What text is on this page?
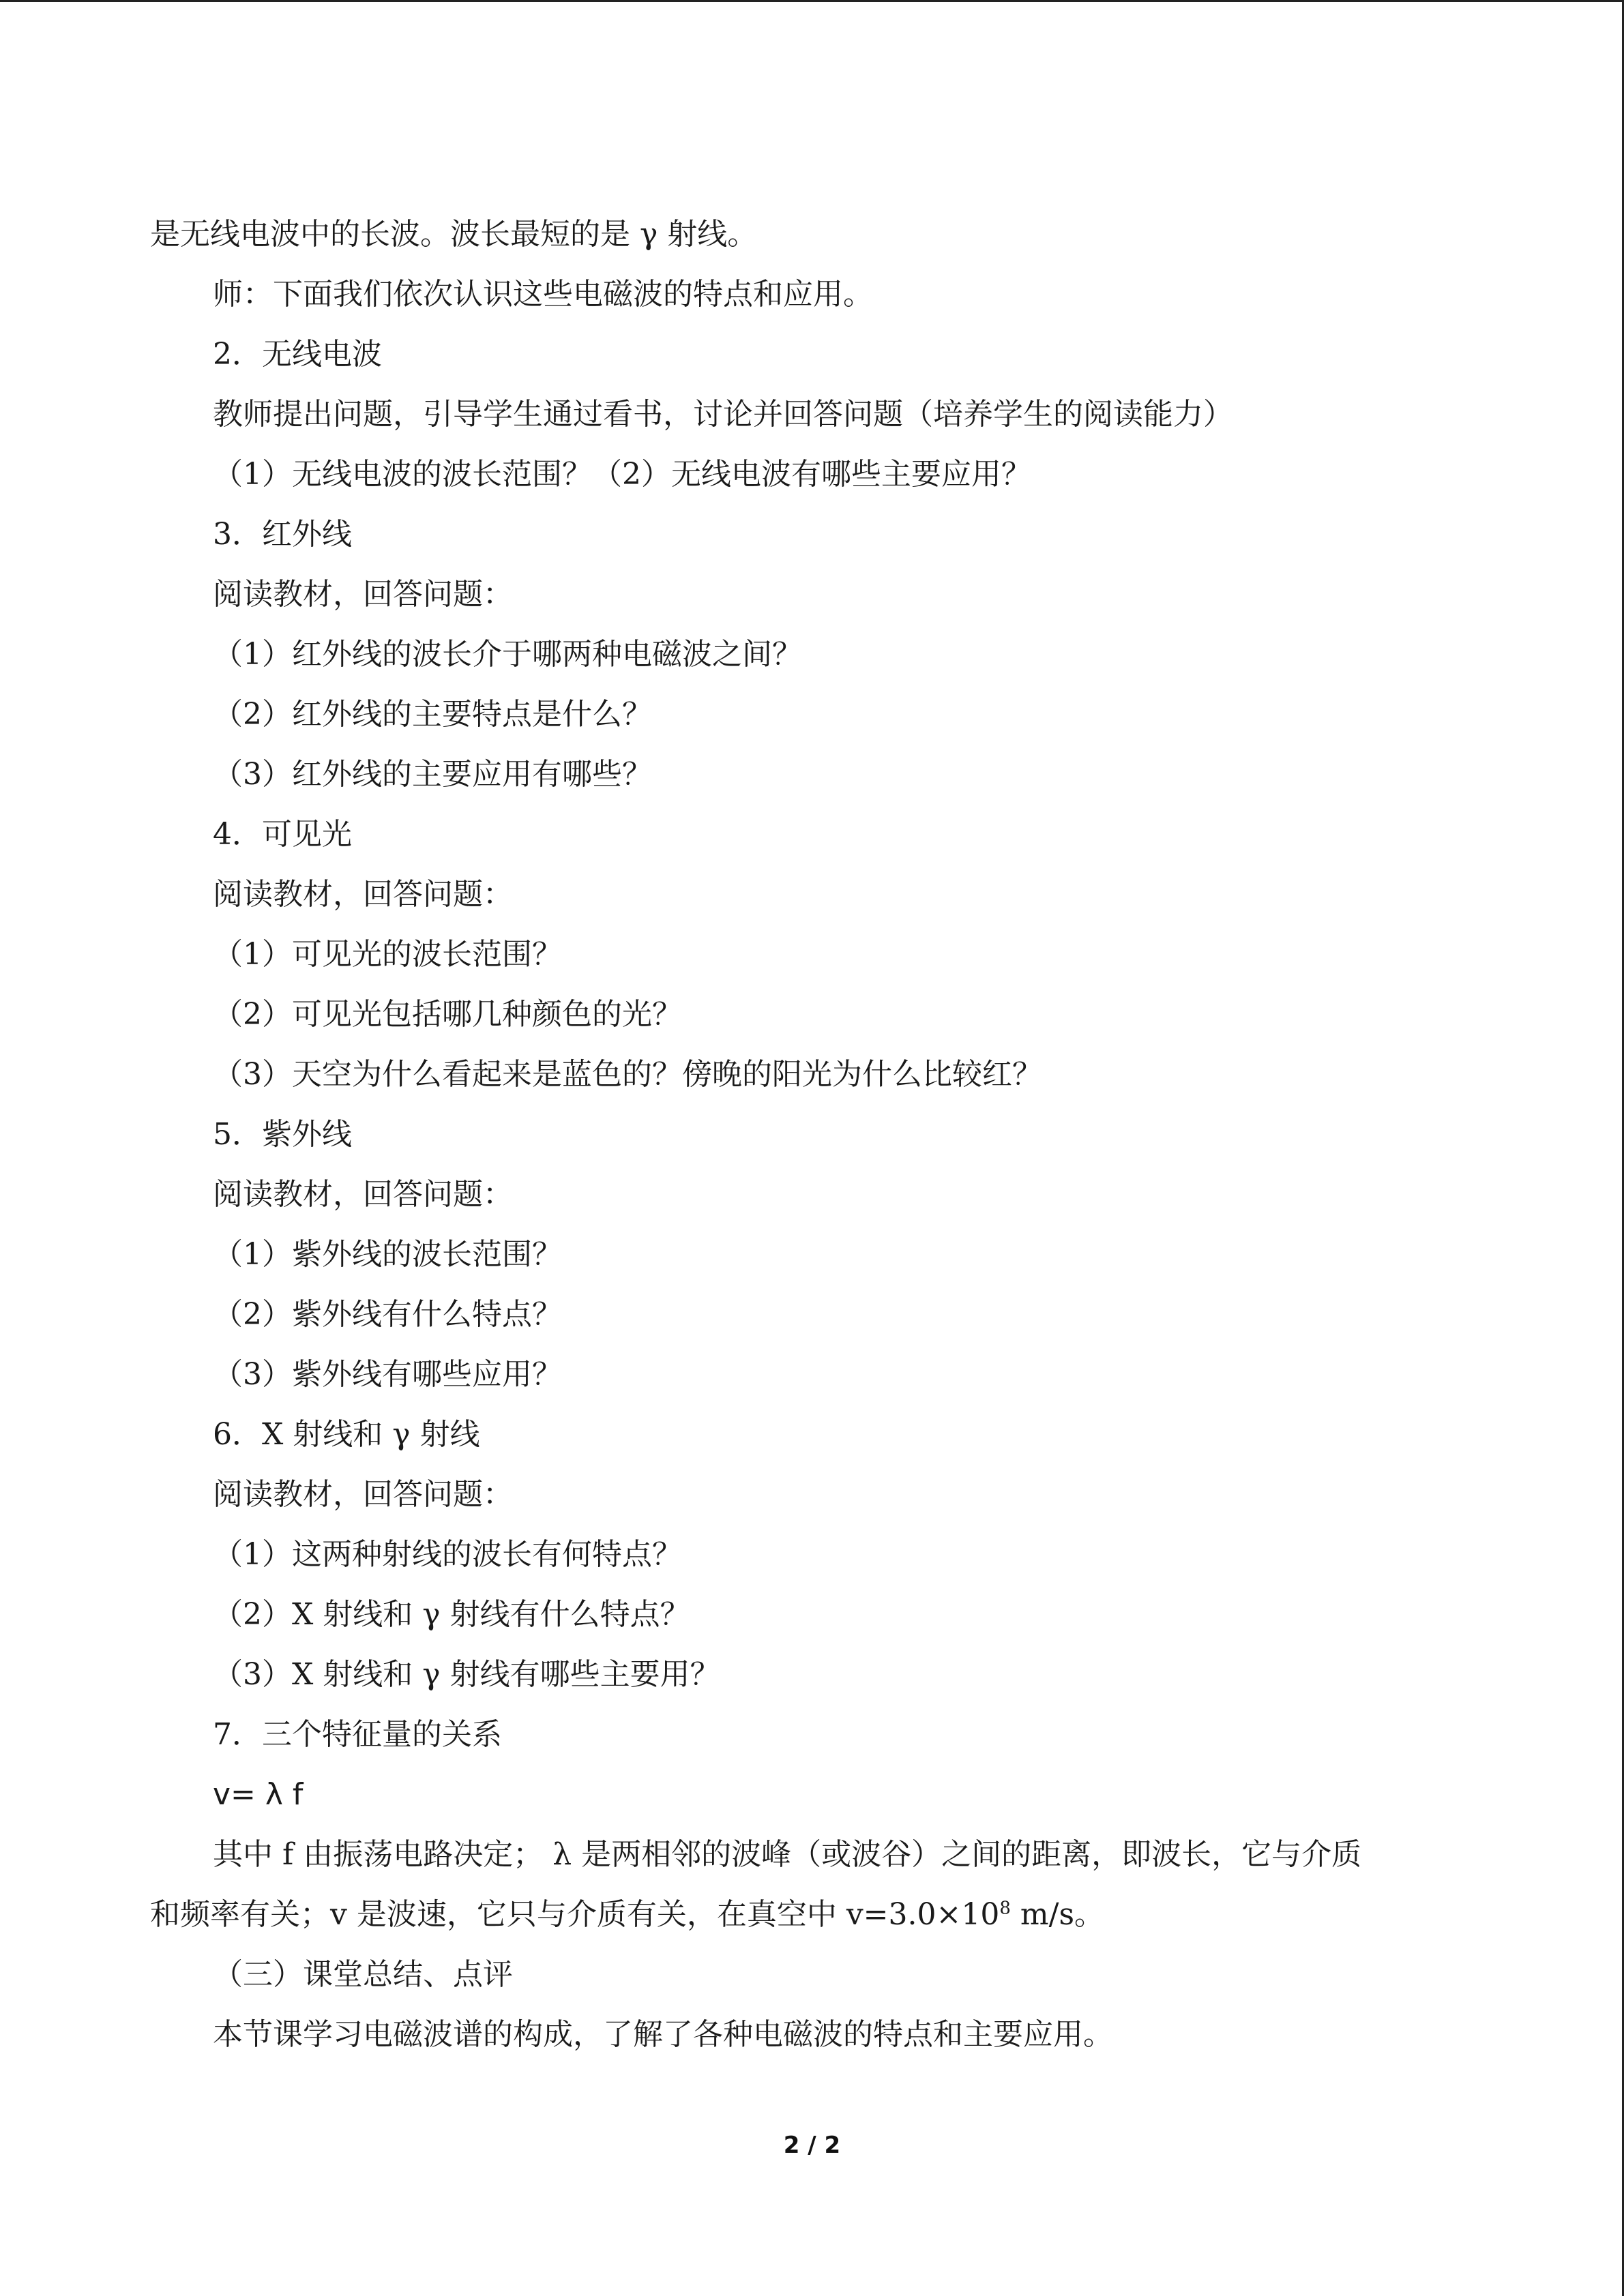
是无线电波中的长波。波长最短的是 γ 射线。
师：下面我们依次认识这些电磁波的特点和应用。
2．无线电波
教师提出问题，引导学生通过看书，讨论并回答问题（培养学生的阅读能力）
（1）无线电波的波长范围？（2）无线电波有哪些主要应用？
3．红外线
阅读教材，回答问题：
（1）红外线的波长介于哪两种电磁波之间？
（2）红外线的主要特点是什么？
（3）红外线的主要应用有哪些？
4．可见光
阅读教材，回答问题：
（1）可见光的波长范围？
（2）可见光包括哪几种颜色的光？
（3）天空为什么看起来是蓝色的？傍晚的阳光为什么比较红？
5．紫外线
阅读教材，回答问题：
（1）紫外线的波长范围？
（2）紫外线有什么特点？
（3）紫外线有哪些应用？
6．X 射线和 γ 射线
阅读教材，回答问题：
（1）这两种射线的波长有何特点？
（2）X 射线和 γ 射线有什么特点？
（3）X 射线和 γ 射线有哪些主要用？
7．三个特征量的关系
v= λ f
其中 f 由振荡电路决定； λ 是两相邻的波峰（或波谷）之间的距离，即波长，它与介质
和频率有关；v 是波速，它只与介质有关，在真空中 $v=3.0\times 10^8$ m/s。
（三）课堂总结、点评
本节课学习电磁波谱的构成，了解了各种电磁波的特点和主要应用。
2 / 2
